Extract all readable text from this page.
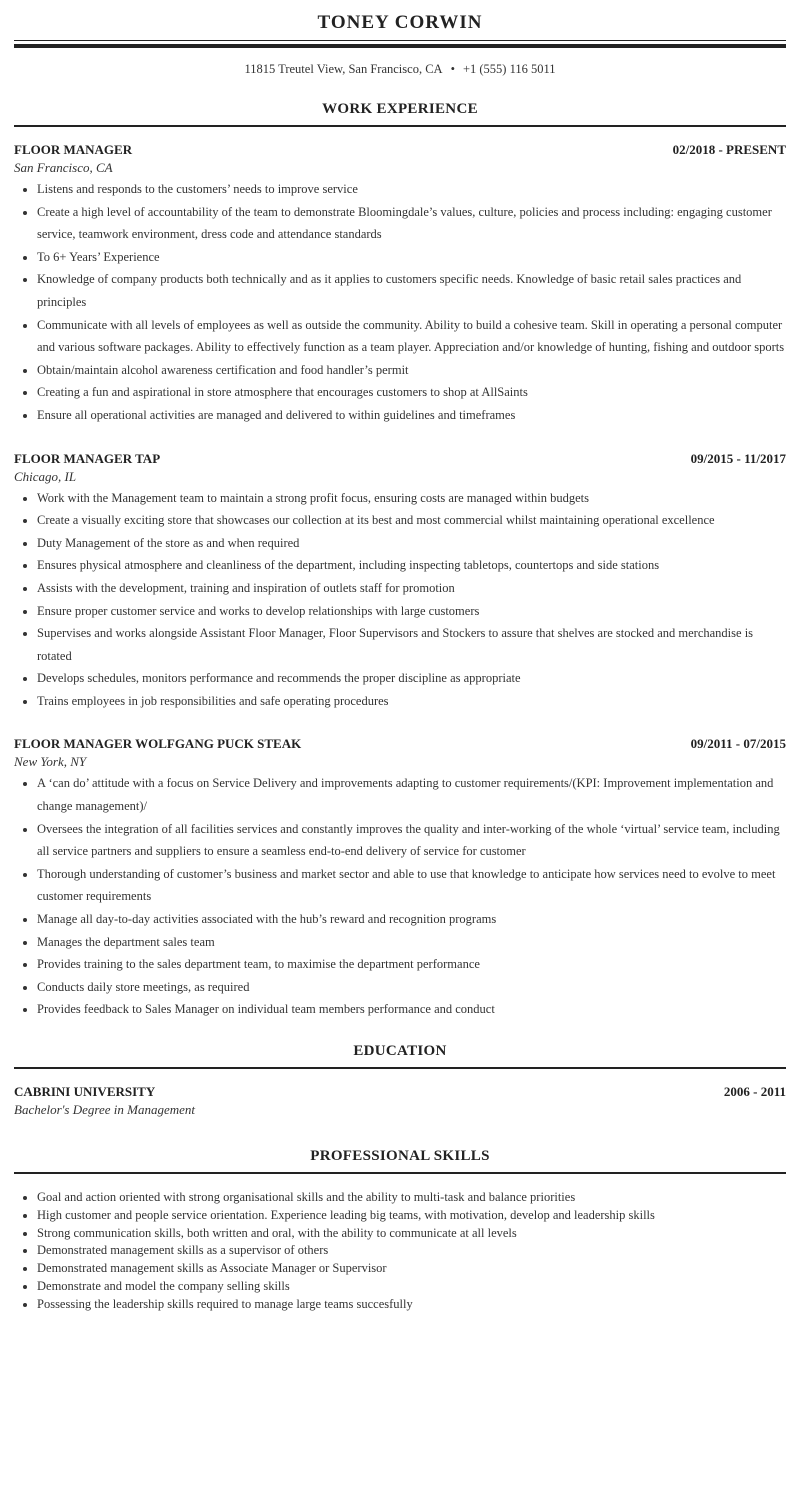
TONEY CORWIN
11815 Treutel View, San Francisco, CA • +1 (555) 116 5011
WORK EXPERIENCE
FLOOR MANAGER	02/2018 - PRESENT
San Francisco, CA
• Listens and responds to the customers’ needs to improve service
• Create a high level of accountability of the team to demonstrate Bloomingdale’s values, culture, policies and process including: engaging customer service, teamwork environment, dress code and attendance standards
• To 6+ Years’ Experience
• Knowledge of company products both technically and as it applies to customers specific needs. Knowledge of basic retail sales practices and principles
• Communicate with all levels of employees as well as outside the community. Ability to build a cohesive team. Skill in operating a personal computer and various software packages. Ability to effectively function as a team player. Appreciation and/or knowledge of hunting, fishing and outdoor sports
• Obtain/maintain alcohol awareness certification and food handler’s permit
• Creating a fun and aspirational in store atmosphere that encourages customers to shop at AllSaints
• Ensure all operational activities are managed and delivered to within guidelines and timeframes
FLOOR MANAGER TAP	09/2015 - 11/2017
Chicago, IL
• Work with the Management team to maintain a strong profit focus, ensuring costs are managed within budgets
• Create a visually exciting store that showcases our collection at its best and most commercial whilst maintaining operational excellence
• Duty Management of the store as and when required
• Ensures physical atmosphere and cleanliness of the department, including inspecting tabletops, countertops and side stations
• Assists with the development, training and inspiration of outlets staff for promotion
• Ensure proper customer service and works to develop relationships with large customers
• Supervises and works alongside Assistant Floor Manager, Floor Supervisors and Stockers to assure that shelves are stocked and merchandise is rotated
• Develops schedules, monitors performance and recommends the proper discipline as appropriate
• Trains employees in job responsibilities and safe operating procedures
FLOOR MANAGER WOLFGANG PUCK STEAK	09/2011 - 07/2015
New York, NY
• A ‘can do’ attitude with a focus on Service Delivery and improvements adapting to customer requirements/(KPI: Improvement implementation and change management)/
• Oversees the integration of all facilities services and constantly improves the quality and inter-working of the whole ‘virtual’ service team, including all service partners and suppliers to ensure a seamless end-to-end delivery of service for customer
• Thorough understanding of customer’s business and market sector and able to use that knowledge to anticipate how services need to evolve to meet customer requirements
• Manage all day-to-day activities associated with the hub’s reward and recognition programs
• Manages the department sales team
• Provides training to the sales department team, to maximise the department performance
• Conducts daily store meetings, as required
• Provides feedback to Sales Manager on individual team members performance and conduct
EDUCATION
CABRINI UNIVERSITY	2006 - 2011
Bachelor's Degree in Management
PROFESSIONAL SKILLS
• Goal and action oriented with strong organisational skills and the ability to multi-task and balance priorities
• High customer and people service orientation. Experience leading big teams, with motivation, develop and leadership skills
• Strong communication skills, both written and oral, with the ability to communicate at all levels
• Demonstrated management skills as a supervisor of others
• Demonstrated management skills as Associate Manager or Supervisor
• Demonstrate and model the company selling skills
• Possessing the leadership skills required to manage large teams succesfully
